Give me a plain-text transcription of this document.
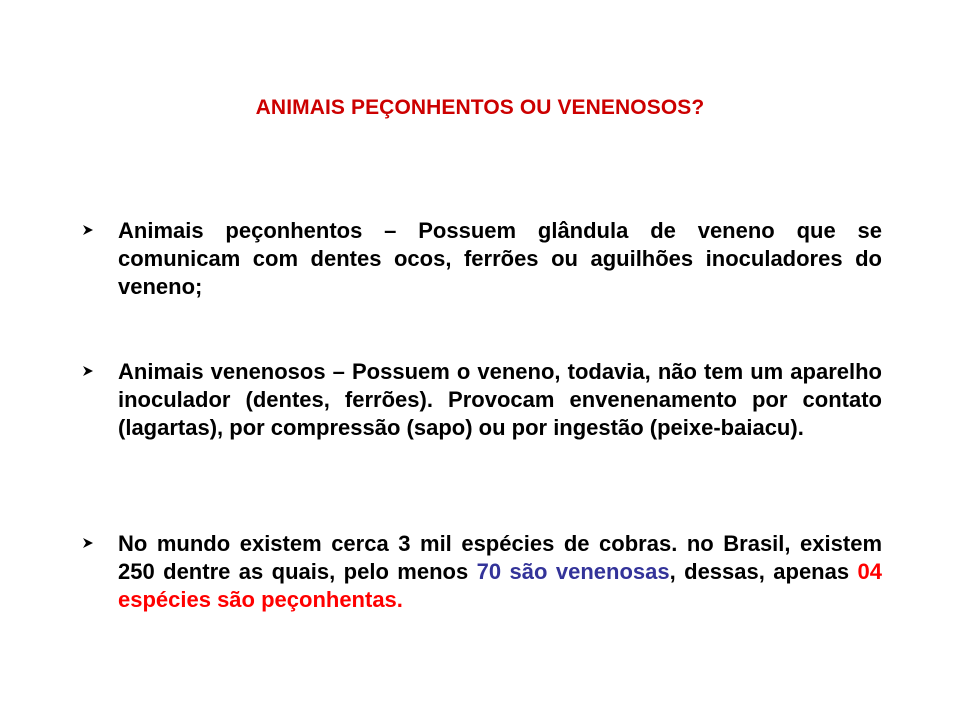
ANIMAIS PEÇONHENTOS OU VENENOSOS?
Animais peçonhentos – Possuem glândula de veneno que se comunicam com dentes ocos, ferrões ou aguilhões inoculadores do veneno;
Animais venenosos – Possuem o veneno, todavia, não tem um aparelho inoculador (dentes, ferrões). Provocam envenenamento por contato (lagartas), por compressão (sapo) ou por ingestão (peixe-baiacu).
No mundo existem cerca 3 mil espécies de cobras. no Brasil, existem 250 dentre as quais, pelo menos 70 são venenosas, dessas, apenas 04 espécies são peçonhentas.
